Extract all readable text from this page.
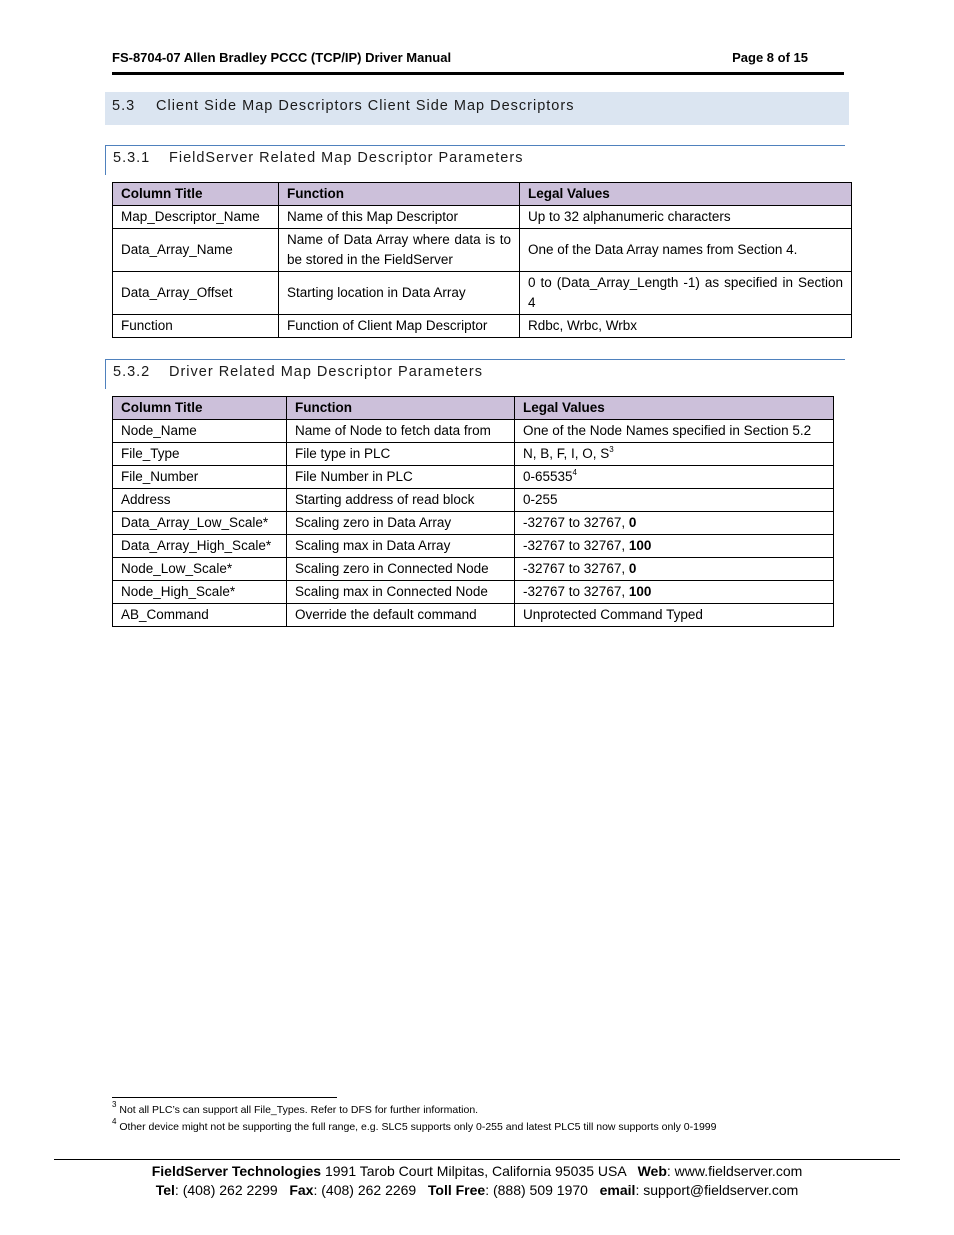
FS-8704-07 Allen Bradley PCCC (TCP/IP) Driver Manual	Page 8 of 15
5.3 Client Side Map Descriptors Client Side Map Descriptors
5.3.1 FieldServer Related Map Descriptor Parameters
Column Title	Function	Legal Values
Map_Descriptor_Name	Name of this Map Descriptor	Up to 32 alphanumeric characters
Data_Array_Name	Name of Data Array where data is to be stored in the FieldServer	One of the Data Array names from Section 4.
Data_Array_Offset	Starting location in Data Array	0 to (Data_Array_Length -1) as specified in Section 4
Function	Function of Client Map Descriptor	Rdbc, Wrbc, Wrbx
5.3.2 Driver Related Map Descriptor Parameters
Column Title	Function	Legal Values
Node_Name	Name of Node to fetch data from	One of the Node Names specified in Section 5.2
File_Type	File type in PLC	N, B, F, I, O, $S^3$
File_Number	File Number in PLC	0-65535$^4$
Address	Starting address of read block	0-255
Data_Array_Low_Scale*	Scaling zero in Data Array	-32767 to 32767, 0
Data_Array_High_Scale*	Scaling max in Data Array	-32767 to 32767, 100
Node_Low_Scale*	Scaling zero in Connected Node	-32767 to 32767, 0
Node_High_Scale*	Scaling max in Connected Node	-32767 to 32767, 100
AB_Command	Override the default command	Unprotected Command Typed
$^3$ Not all PLC’s can support all File_Types. Refer to DFS for further information.
$^4$ Other device might not be supporting the full range, e.g. SLC5 supports only 0-255 and latest PLC5 till now supports only 0-1999
FieldServer Technologies 1991 Tarob Court Milpitas, California 95035 USA   Web: www.fieldserver.com
Tel: (408) 262 2299   Fax: (408) 262 2269   Toll Free: (888) 509 1970   email: support@fieldserver.com
